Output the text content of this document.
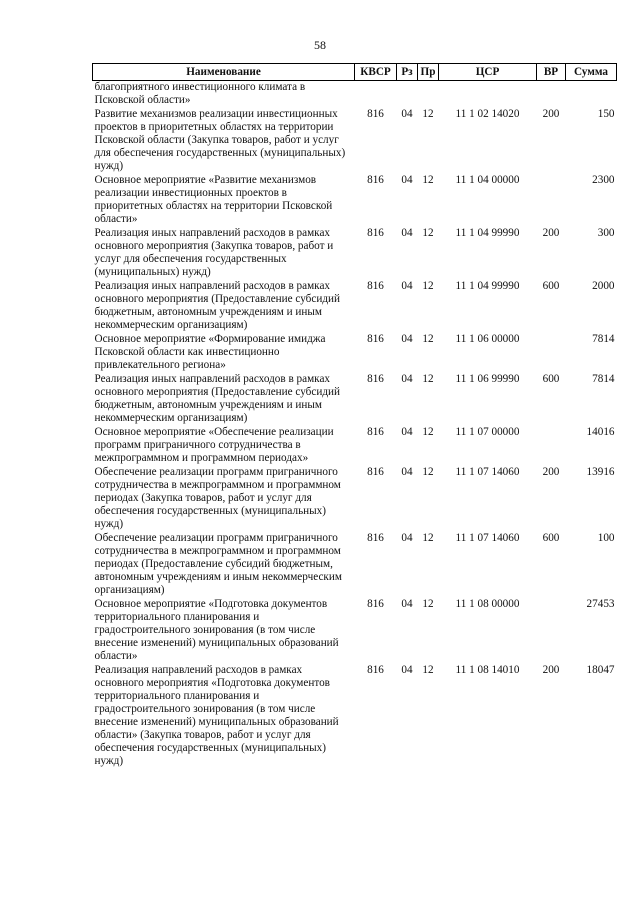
58
Наименование	КВСР	Рз	Пр	ЦСР	ВР	Сумма
благоприятного инвестиционного климата в Псковской области»						
Развитие механизмов реализации инвестиционных проектов в приоритетных областях на территории Псковской области (Закупка товаров, работ и услуг для обеспечения государственных (муниципальных) нужд)	816	04	12	11 1 02 14020	200	150
Основное мероприятие «Развитие механизмов реализации инвестиционных проектов в приоритетных областях на территории Псковской области»	816	04	12	11 1 04 00000		2300
Реализация иных направлений расходов в рамках основного мероприятия (Закупка товаров, работ и услуг для обеспечения государственных (муниципальных) нужд)	816	04	12	11 1 04 99990	200	300
Реализация иных направлений расходов в рамках основного мероприятия (Предоставление субсидий бюджетным, автономным учреждениям и иным некоммерческим организациям)	816	04	12	11 1 04 99990	600	2000
Основное мероприятие «Формирование имиджа Псковской области как инвестиционно привлекательного региона»	816	04	12	11 1 06 00000		7814
Реализация иных направлений расходов в рамках основного мероприятия (Предоставление субсидий бюджетным, автономным учреждениям и иным некоммерческим организациям)	816	04	12	11 1 06 99990	600	7814
Основное мероприятие «Обеспечение реализации программ приграничного сотрудничества в межпрограммном и программном периодах»	816	04	12	11 1 07 00000		14016
Обеспечение реализации программ приграничного сотрудничества в межпрограммном и программном периодах (Закупка товаров, работ и услуг для обеспечения государственных (муниципальных) нужд)	816	04	12	11 1 07 14060	200	13916
Обеспечение реализации программ приграничного сотрудничества в межпрограммном и программном периодах (Предоставление субсидий бюджетным, автономным учреждениям и иным некоммерческим организациям)	816	04	12	11 1 07 14060	600	100
Основное мероприятие «Подготовка документов территориального планирования и градостроительного зонирования (в том числе внесение изменений) муниципальных образований области»	816	04	12	11 1 08 00000		27453
Реализация направлений расходов в рамках основного мероприятия «Подготовка документов территориального планирования и градостроительного зонирования (в том числе внесение изменений) муниципальных образований области» (Закупка товаров, работ и услуг для обеспечения государственных (муниципальных) нужд)	816	04	12	11 1 08 14010	200	18047
